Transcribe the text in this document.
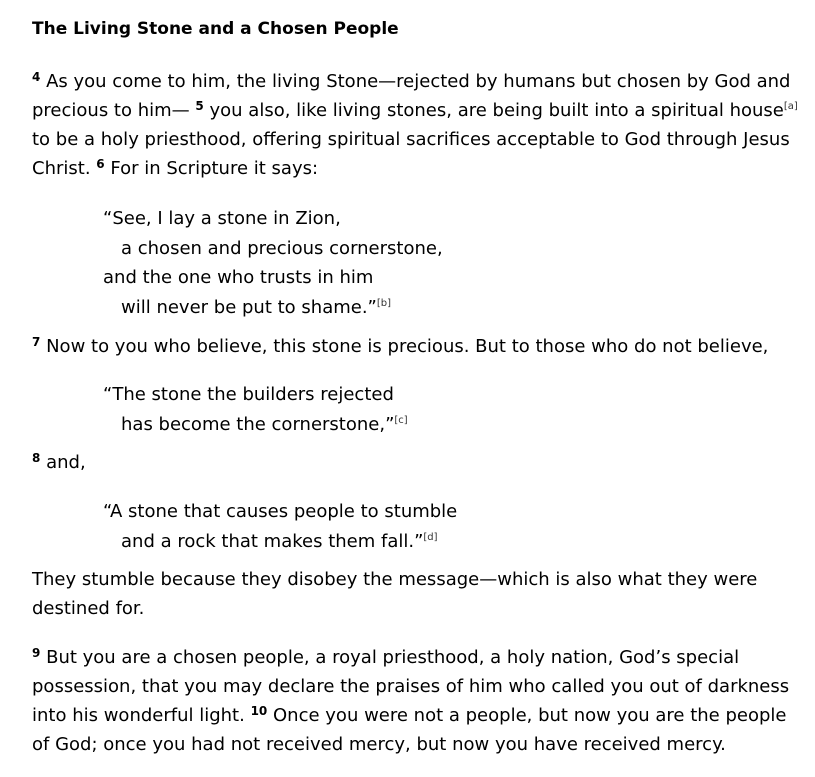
The Living Stone and a Chosen People

$^4$ As you come to him, the living Stone—rejected by humans but chosen by God and precious to him— $^5$ you also, like living stones, are being built into a spiritual house[a] to be a holy priesthood, offering spiritual sacrifices acceptable to God through Jesus Christ. $^6$ For in Scripture it says:

“See, I lay a stone in Zion,
a chosen and precious cornerstone,
and the one who trusts in him
will never be put to shame.”[b]

$^7$ Now to you who believe, this stone is precious. But to those who do not believe,

“The stone the builders rejected
has become the cornerstone,”[c]

$^8$ and,

“A stone that causes people to stumble
and a rock that makes them fall.”[d]

They stumble because they disobey the message—which is also what they were destined for.

$^9$ But you are a chosen people, a royal priesthood, a holy nation, God’s special possession, that you may declare the praises of him who called you out of darkness into his wonderful light. $^{10}$ Once you were not a people, but now you are the people of God; once you had not received mercy, but now you have received mercy.
